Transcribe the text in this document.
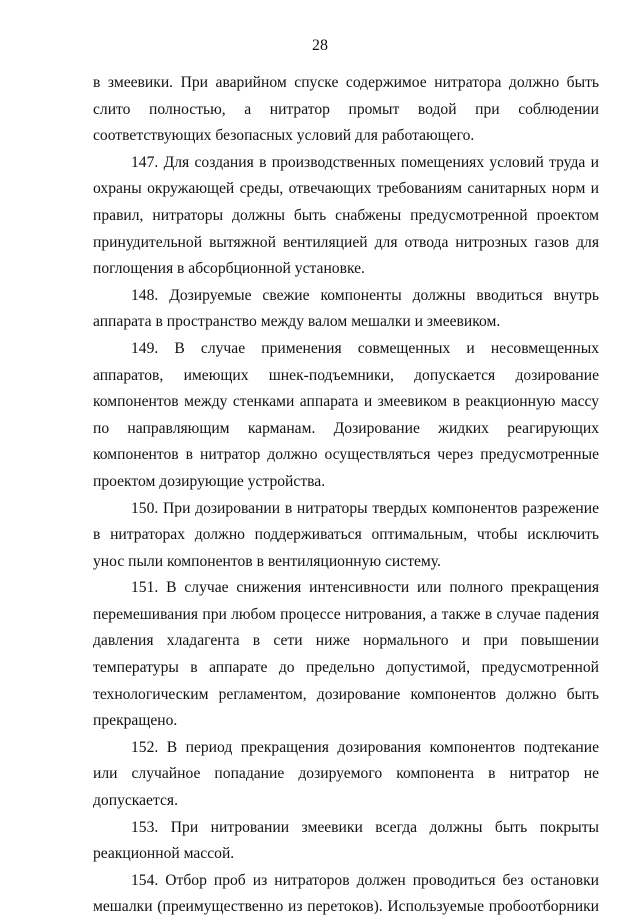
28

в змеевики. При аварийном спуске содержимое нитратора должно быть слито полностью, а нитратор промыт водой при соблюдении соответствующих безопасных условий для работающего.

147. Для создания в производственных помещениях условий труда и охраны окружающей среды, отвечающих требованиям санитарных норм и правил, нитраторы должны быть снабжены предусмотренной проектом принудительной вытяжной вентиляцией для отвода нитрозных газов для поглощения в абсорбционной установке.

148. Дозируемые свежие компоненты должны вводиться внутрь аппарата в пространство между валом мешалки и змеевиком.

149. В случае применения совмещенных и несовмещенных аппаратов, имеющих шнек-подъемники, допускается дозирование компонентов между стенками аппарата и змеевиком в реакционную массу по направляющим карманам. Дозирование жидких реагирующих компонентов в нитратор должно осуществляться через предусмотренные проектом дозирующие устройства.

150. При дозировании в нитраторы твердых компонентов разрежение в нитраторах должно поддерживаться оптимальным, чтобы исключить унос пыли компонентов в вентиляционную систему.

151. В случае снижения интенсивности или полного прекращения перемешивания при любом процессе нитрования, а также в случае падения давления хладагента в сети ниже нормального и при повышении температуры в аппарате до предельно допустимой, предусмотренной технологическим регламентом, дозирование компонентов должно быть прекращено.

152. В период прекращения дозирования компонентов подтекание или случайное попадание дозируемого компонента в нитратор не допускается.

153. При нитровании змеевики всегда должны быть покрыты реакционной массой.

154. Отбор проб из нитраторов должен проводиться без остановки мешалки (преимущественно из перетоков). Используемые пробоотборники
